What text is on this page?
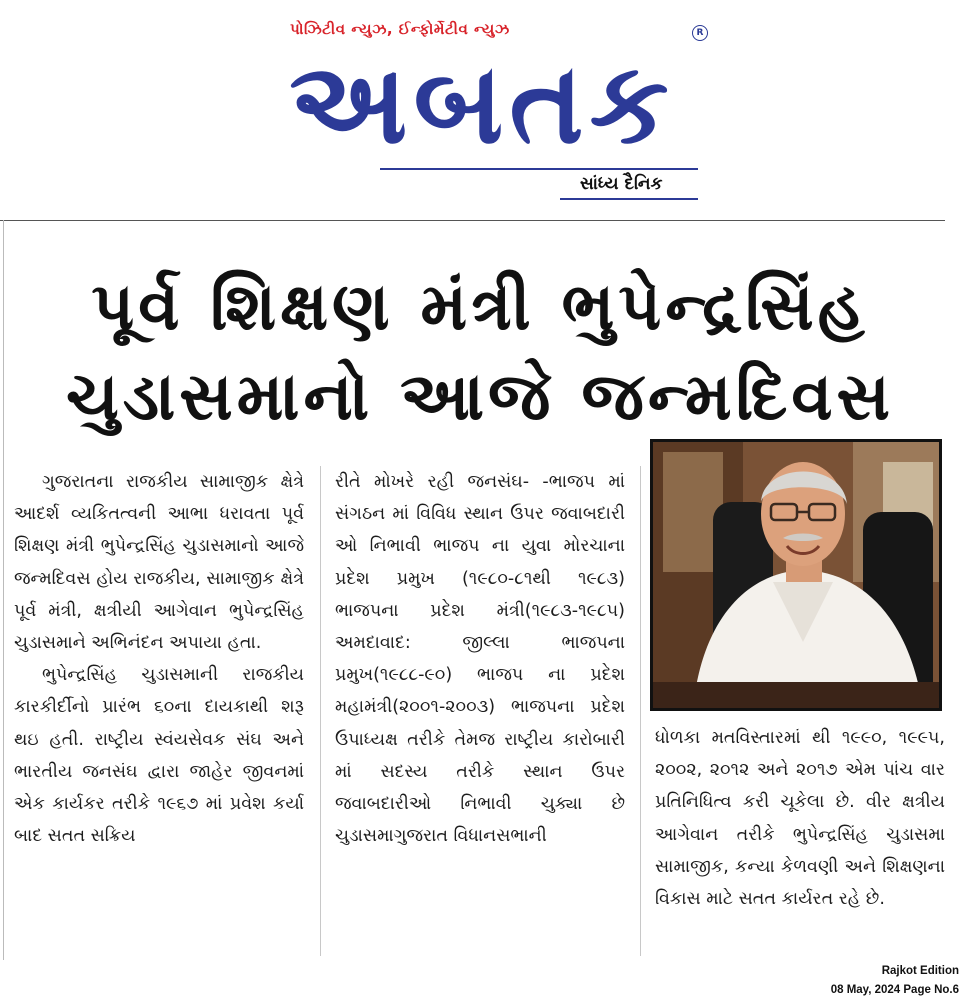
પોઝિટીવ ન્યુઝ, ઈન્ફોર્મેટીવ ન્યુઝ	R
અબતક
સાંધ્ય દૈનિક
પૂર્વ શિક્ષણ મંત્રી ભુપેન્દ્રસિંહ
ચુડાસમાનો આજે જન્મદિવસ

ગુજરાતના રાજકીય સામાજીક ક્ષેત્રે આદર્શ વ્યકિતત્વની આભા ધરાવતા પૂર્વ શિક્ષણ મંત્રી ભુપેન્દ્રસિંહ ચુડાસમાનો આજે જન્મદિવસ હોય રાજકીય, સામાજીક ક્ષેત્રે પૂર્વ મંત્રી, ક્ષત્રીયી આગેવાન ભુપેન્દ્રસિંહ ચુડાસમાને અભિનંદન અપાયા હતા.

ભુપેન્દ્રસિંહ ચુડાસમાની રાજકીય કારકીર્દીનો પ્રારંભ ૬૦ના દાયકાથી શરૂ થઇ હતી. રાષ્ટ્રીય સ્વંયસેવક સંઘ અને ભારતીય જનસંઘ દ્વારા જાહેર જીવનમાં એક કાર્યકર તરીકે ૧૯૬૭ માં પ્રવેશ કર્યા બાદ સતત સક્રિય

રીતે મોખરે રહી જનસંઘ- -ભાજપ માં સંગઠન માં વિવિધ સ્થાન ઉપર જવાબદારી ઓ નિભાવી ભાજપ ના યુવા મોરચાના પ્રદેશ પ્રમુખ (૧૯૮૦-૮૧થી ૧૯૮૩) ભાજપના પ્રદેશ મંત્રી(૧૯૮૩-૧૯૮૫) અમદાવાદ: જીલ્લા ભાજપના પ્રમુખ(૧૯૮૮-૯૦) ભાજપ ના પ્રદેશ મહામંત્રી(૨૦૦૧-૨૦૦૩) ભાજપના પ્રદેશ ઉપાધ્યક્ષ તરીકે તેમજ રાષ્ટ્રીય કારોબારી માં સદસ્ય તરીકે સ્થાન ઉપર જવાબદારીઓ નિભાવી ચુક્યા છે ચુડાસમાગુજરાત વિધાનસભાની

ધોળકા મતવિસ્તારમાં થી ૧૯૯૦, ૧૯૯૫, ૨૦૦૨, ૨૦૧૨ અને ૨૦૧૭ એમ પાંચ વાર પ્રતિનિધિત્વ કરી ચૂકેલા છે. વીર ક્ષત્રીય આગેવાન તરીકે ભુપેન્દ્રસિંહ ચુડાસમા સામાજીક, કન્યા કેળવણી અને શિક્ષણના વિકાસ માટે સતત કાર્યરત રહે છે.

Rajkot Edition
08 May, 2024 Page No.6
